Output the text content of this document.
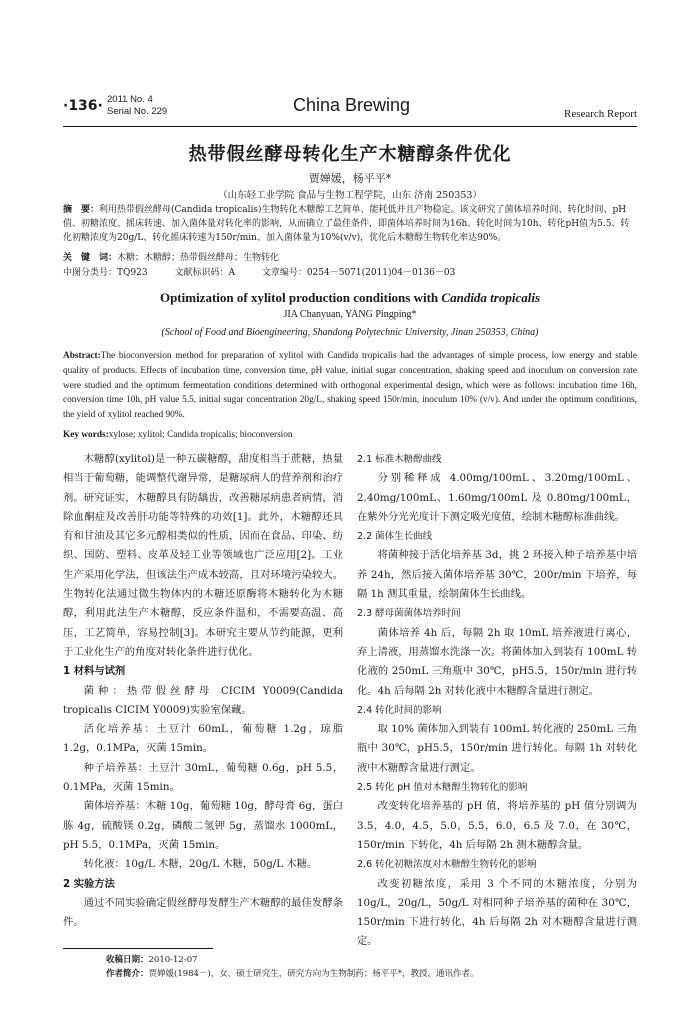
·136· 2011 No. 4
Serial No. 229	China Brewing	Research Report
热带假丝酵母转化生产木糖醇条件优化
贾婵媛，杨平平*
（山东轻工业学院 食品与生物工程学院，山东 济南 250353）
摘　要：利用热带假丝酵母(Candida tropicalis)生物转化木糖醇工艺简单、能耗低并且产物稳定。该文研究了菌体培养时间、转化时间、pH值、初糖浓度、摇床转速、加入菌体量对转化率的影响，从而确立了最佳条件，即菌体培养时间为16h、转化时间为10h、转化pH值为5.5、转化初糖浓度为20g/L、转化摇床转速为150r/min、加入菌体量为10%(v/v)，优化后木糖醇生物转化率达90%。
关　键　词：木糖；木糖醇；热带假丝酵母；生物转化
中图分类号：TQ923	文献标识码：A	文章编号：0254－5071(2011)04－0136－03
Optimization of xylitol production conditions with Candida tropicalis
JIA Chanyuan, YANG Pingping*
(School of Food and Bioengineering, Shandong Polytechnic University, Jinan 250353, China)
Abstract:The bioconversion method for preparation of xylitol with Candida tropicalis had the advantages of simple process, low energy and stable quality of products. Effects of incubation time, conversion time, pH value, initial sugar concentration, shaking speed and inoculum on conversion rate were studied and the optimum fermentation conditions determined with orthogonal experimental design, which were as follows: incubation time 16h, conversion time 10h, pH value 5.5, initial sugar concentration 20g/L, shaking speed 150r/min, inoculum 10% (v/v). And under the optimum conditions, the yield of xylitol reached 90%.
Key words:xylose; xylitol; Candida tropicalis; bioconversion

木糖醇(xylitol)是一种五碳糖醇，甜度相当于蔗糖，热量相当于葡萄糖，能调整代谢异常，是糖尿病人的营养剂和治疗剂。研究证实，木糖醇具有防龋齿，改善糖尿病患者病情，消除血酮症及改善肝功能等特殊的功效[1]。此外，木糖醇还具有和甘油及其它多元醇相类似的性质，因而在食品、印染、纺织、国防、塑料、皮革及轻工业等领域也广泛应用[2]。工业生产采用化学法，但该法生产成本较高，且对环境污染较大。生物转化法通过微生物体内的木糖还原酶将木糖转化为木糖醇，利用此法生产木糖醇，反应条件温和，不需要高温、高压，工艺简单，容易控制[3]。本研究主要从节约能源，更利于工业化生产的角度对转化条件进行优化。

1 材料与试剂

菌种：热带假丝酵母 CICIM Y0009(Candida tropicalis CICIM Y0009)实验室保藏。

活化培养基：土豆汁 60mL，葡萄糖 1.2g，琼脂 1.2g，0.1MPa，灭菌 15min。

种子培养基：土豆汁 30mL，葡萄糖 0.6g，pH 5.5，0.1MPa，灭菌 15min。

菌体培养基：木糖 10g，葡萄糖 10g，酵母膏 6g，蛋白胨 4g，硫酸镁 0.2g，磷酸二氢钾 5g，蒸馏水 1000mL，pH 5.5，0.1MPa，灭菌 15min。

转化液：10g/L 木糖，20g/L 木糖，50g/L 木糖。

2 实验方法

通过不同实验确定假丝酵母发酵生产木糖醇的最佳发酵条件。

2.1 标准木糖醇曲线

分别稀释成 4.00mg/100mL、3.20mg/100mL、2.40mg/100mL、1.60mg/100mL 及 0.80mg/100mL，在紫外分光光度计下测定吸光度值，绘制木糖醇标准曲线。

2.2 菌体生长曲线

将菌种接于活化培养基 3d，挑 2 环接入种子培养基中培养 24h，然后接入菌体培养基 30℃，200r/min 下培养，每隔 1h 测其重量，绘制菌体生长曲线。

2.3 酵母菌菌体培养时间

菌体培养 4h 后，每隔 2h 取 10mL 培养液进行离心，弃上清液，用蒸馏水洗涤一次。将菌体加入到装有 100mL 转化液的 250mL 三角瓶中 30℃，pH5.5，150r/min 进行转化。4h 后每隔 2h 对转化液中木糖醇含量进行测定。

2.4 转化时间的影响

取 10% 菌体加入到装有 100mL 转化液的 250mL 三角瓶中 30℃，pH5.5，150r/min 进行转化。每隔 1h 对转化液中木糖醇含量进行测定。

2.5 转化 pH 值对木糖醇生物转化的影响

改变转化培养基的 pH 值，将培养基的 pH 值分别调为 3.5，4.0，4.5，5.0，5.5，6.0，6.5 及 7.0，在 30℃，150r/min 下转化，4h 后每隔 2h 测木糖醇含量。

2.6 转化初糖浓度对木糖醇生物转化的影响

改变初糖浓度，采用 3 个不同的木糖浓度，分别为 10g/L，20g/L，50g/L 对相同种子培养基的菌种在 30℃，150r/min 下进行转化，4h 后每隔 2h 对木糖醇含量进行测定。

收稿日期：2010-12-07
作者简介：贾婵媛(1984－)，女，硕士研究生，研究方向为生物制药；杨平平*，教授，通讯作者。
